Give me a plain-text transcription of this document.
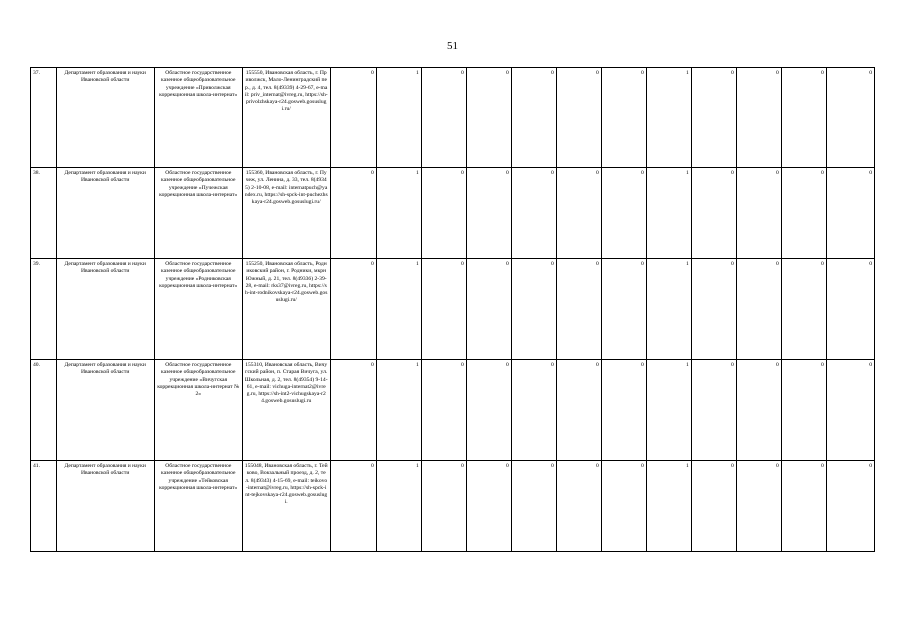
51
37.	Департамент образования и науки Ивановской области	Областное государственное казенное общеобразовательное учреждение «Приволжская коррекционная школа-интернат»	155550, Ивановская область, г. Приволжск, Мало-Ленинградский пер., д. 4, тел. 8(49339) 4-29-67, e-mail: priv_internat@ivreg.ru, https://sh-privolzhskaya-r24.gosweb.gosuslugi.ru/	0	1	0	0	0	0	0	1	0	0	0	0
38.	Департамент образования и науки Ивановской области	Областное государственное казенное общеобразовательное учреждение «Пучежская коррекционная школа-интернат»	155360, Ивановская область, г. Пучеж, ул. Ленина, д. 33, тел. 8(49345) 2-10-08, e-mail: internatpuch@yandex.ru, https://sh-spck-int-puchezhskaya-r24.gosweb.gosuslugi.ru/	0	1	0	0	0	0	0	1	0	0	0	0
39.	Департамент образования и науки Ивановской области	Областное государственное казенное общеобразовательное учреждение «Родниковская коррекционная школа-интернат»	155250, Ивановская область, Родниковский район, г. Родники, мкрн Южный, д. 21, тел. 8(49336) 2-39-28, e-mail: rks37@ivreg.ru, https://sh-int-rodnikovskaya-r24.gosweb.gosuslugi.ru/	0	1	0	0	0	0	0	1	0	0	0	0
40.	Департамент образования и науки Ивановской области	Областное государственное казенное общеобразовательное учреждение «Вичугская коррекционная школа-интернат № 2»	155310, Ивановская область, Вичугский район, п. Старая Вичуга, ул. Школьная, д. 2, тел. 8(49354) 9-14-61, e-mail: vichuga-internat2@ivreg.ru, https://sh-int2-vichugskaya-r24.gosweb.gosuslugi.ru	0	1	0	0	0	0	0	1	0	0	0	0
41.	Департамент образования и науки Ивановской области	Областное государственное казенное общеобразовательное учреждение «Тейковская коррекционная школа-интернат»	155048, Ивановская область, г. Тейково, Вокзальный проезд, д. 2, тел. 8(49343) 4-15-69, e-mail: teikovo-internat@ivreg.ru, https://sh-spck-int-tejkovskaya-r24.gosweb.gosuslugi.	0	1	0	0	0	0	0	1	0	0	0	0
